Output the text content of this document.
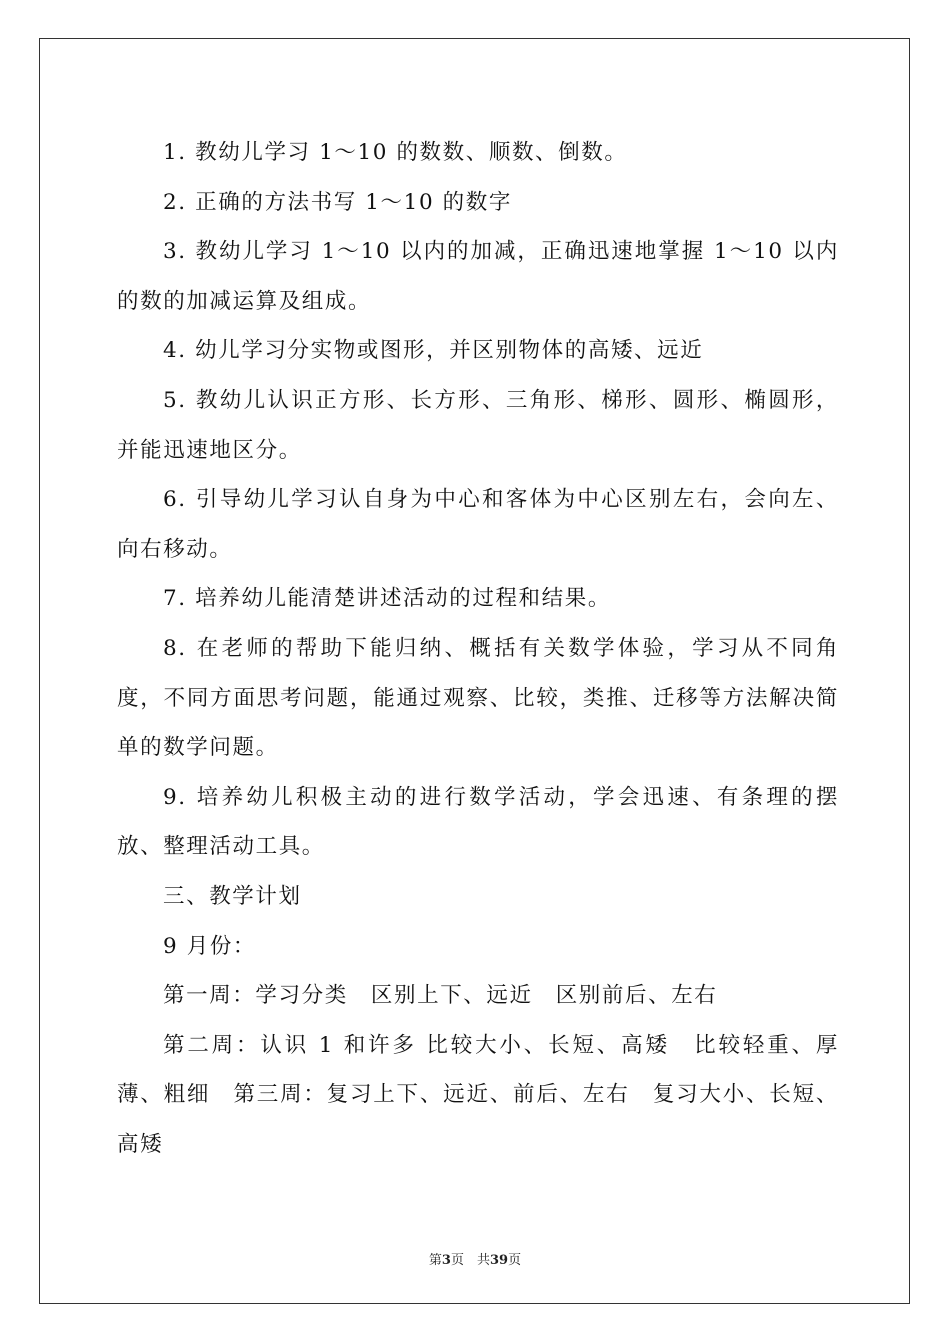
1. 教幼儿学习 1～10 的数数、顺数、倒数。

2. 正确的方法书写 1～10 的数字

3. 教幼儿学习 1～10 以内的加减，正确迅速地掌握 1～10 以内的数的加减运算及组成。

4. 幼儿学习分实物或图形，并区别物体的高矮、远近

5. 教幼儿认识正方形、长方形、三角形、梯形、圆形、椭圆形，并能迅速地区分。

6. 引导幼儿学习认自身为中心和客体为中心区别左右，会向左、向右移动。

7. 培养幼儿能清楚讲述活动的过程和结果。

8. 在老师的帮助下能归纳、概括有关数学体验，学习从不同角度，不同方面思考问题，能通过观察、比较，类推、迁移等方法解决简单的数学问题。

9. 培养幼儿积极主动的进行数学活动，学会迅速、有条理的摆放、整理活动工具。

三、教学计划

9 月份：

第一周：学习分类　区别上下、远近　区别前后、左右

第二周：认识 1 和许多 比较大小、长短、高矮　比较轻重、厚薄、粗细　第三周：复习上下、远近、前后、左右　复习大小、长短、高矮

第3页　共39页
